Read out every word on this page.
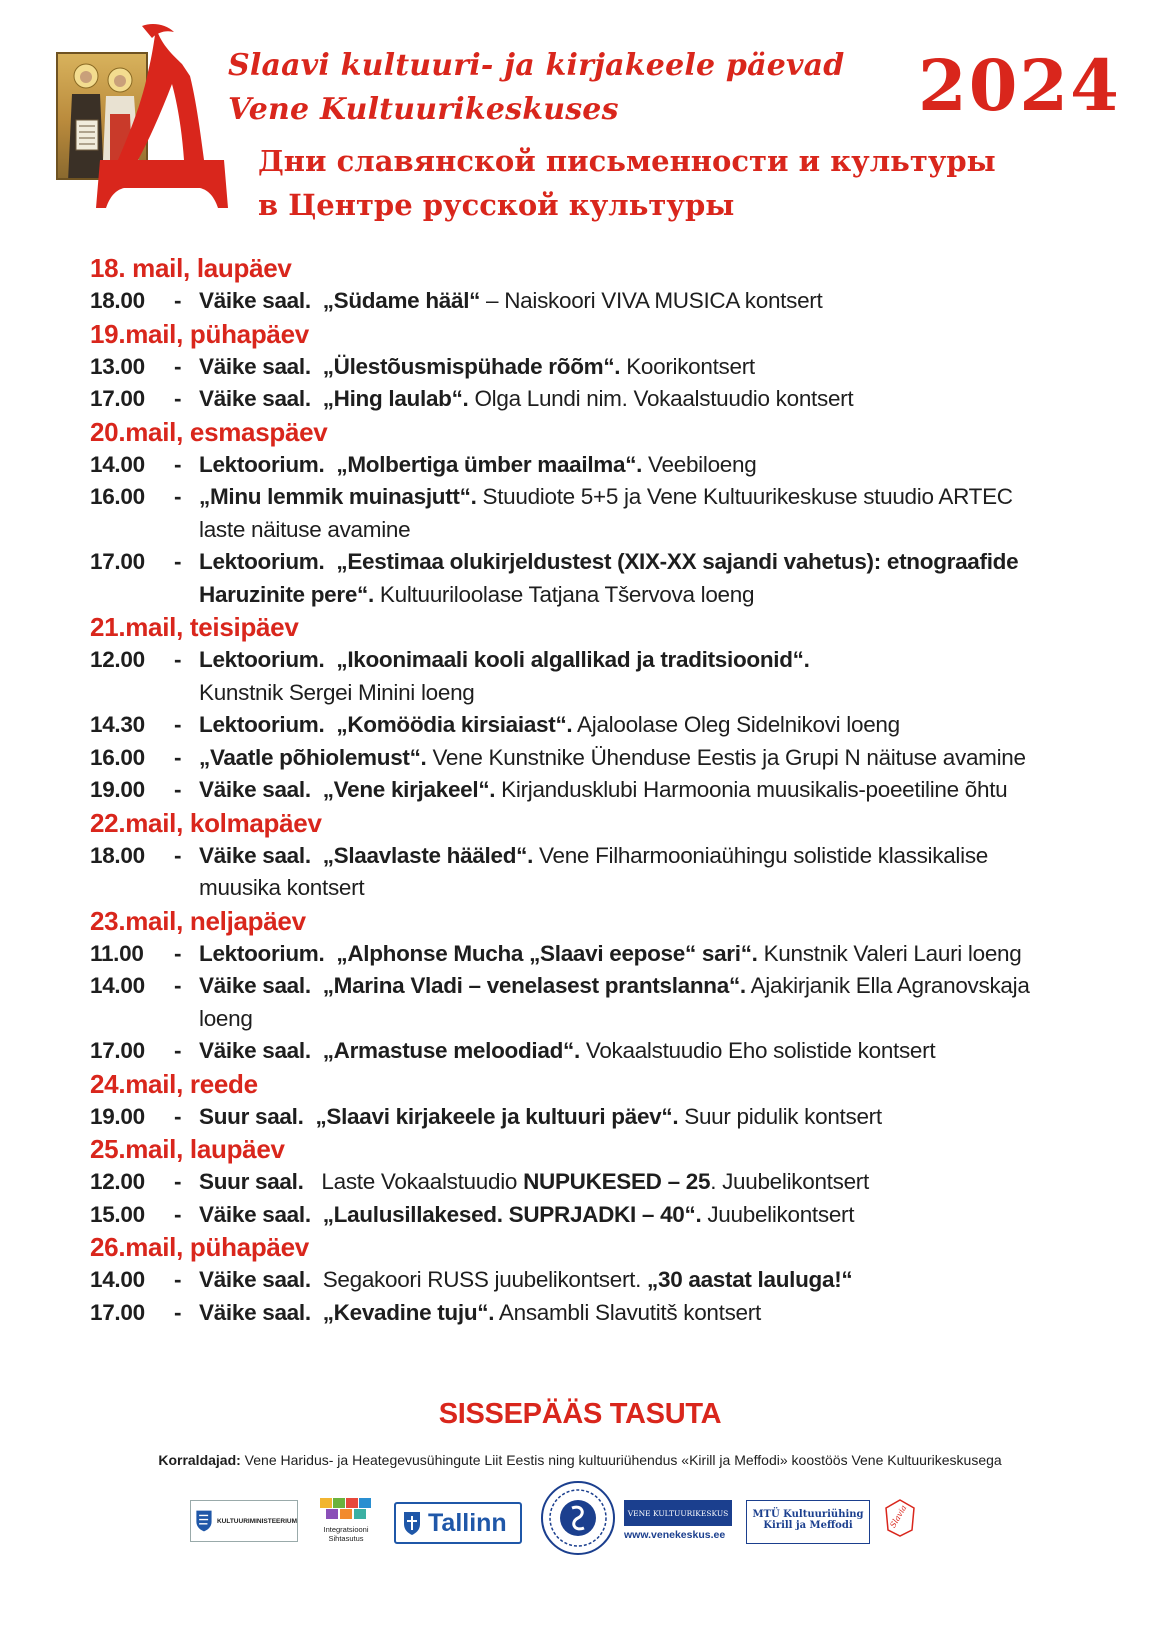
Slaavi kultuuri- ja kirjakeele päevad
Vene Kultuurikeskuses
Дни славянской письменности и культуры
в Центре русской культуры
2024
18. mail, laupäev
18.00	- Väike saal.  „Südame hääl“ – Naiskoori VIVA MUSICA kontsert
19.mail, pühapäev
13.00	- Väike saal.  „Ülestõusmispühade rõõm“. Koorikontsert
17.00	- Väike saal.  „Hing laulab“. Olga Lundi nim. Vokaalstuudio kontsert
20.mail, esmaspäev
14.00	- Lektoorium.  „Molbertiga ümber maailma“. Veebiloeng
16.00	- „Minu lemmik muinasjutt“. Stuudiote 5+5 ja Vene Kultuurikeskuse stuudio ARTEC
laste näituse avamine
17.00	- Lektoorium.  „Eestimaa olukirjeldustest (XIX-XX sajandi vahetus): etnograafide
Haruzinite pere“. Kultuuriloolase Tatjana Tšervova loeng
21.mail, teisipäev
12.00	- Lektoorium.  „Ikoonimaali kooli algallikad ja traditsioonid“.
Kunstnik Sergei Minini loeng
14.30	- Lektoorium.  „Komöödia kirsiaiast“. Ajaloolase Oleg Sidelnikovi loeng
16.00	- „Vaatle põhiolemust“. Vene Kunstnike Ühenduse Eestis ja Grupi N näituse avamine
19.00	- Väike saal.  „Vene kirjakeel“. Kirjandusklubi Harmoonia muusikalis-poeetiline õhtu
22.mail, kolmapäev
18.00	- Väike saal.  „Slaavlaste hääled“. Vene Filharmooniaühingu solistide klassikalise
muusika kontsert
23.mail, neljapäev
11.00	- Lektoorium.  „Alphonse Mucha „Slaavi eepose“ sari“. Kunstnik Valeri Lauri loeng
14.00	- Väike saal.  „Marina Vladi – venelasest prantslanna“. Ajakirjanik Ella Agranovskaja
loeng
17.00	- Väike saal.  „Armastuse meloodiad“. Vokaalstuudio Eho solistide kontsert
24.mail, reede
19.00	- Suur saal.  „Slaavi kirjakeele ja kultuuri päev“. Suur pidulik kontsert
25.mail, laupäev
12.00	- Suur saal.   Laste Vokaalstuudio NUPUKESED – 25. Juubelikontsert
15.00	- Väike saal.  „Laulusillakesed. SUPRJADKI – 40“. Juubelikontsert
26.mail, pühapäev
14.00	- Väike saal.  Segakoori RUSS juubelikontsert. „30 aastat lauluga!“
17.00	- Väike saal.  „Kevadine tuju“. Ansambli Slavutitš kontsert
SISSEPÄÄS TASUTA
Korraldajad: Vene Haridus- ja Heategevusühingute Liit Eestis ning kultuuriühendus «Kirill ja Meffodi» koostöös Vene Kultuurikeskusega
KULTUURIMINISTEERIUM
Integratsiooni
Sihtasutus
Tallinn	VENE KULTUURIKESKUS
www.venekeskus.ee
MTÜ Kultuuriühing
Kirill ja Meffodi	Slavia
